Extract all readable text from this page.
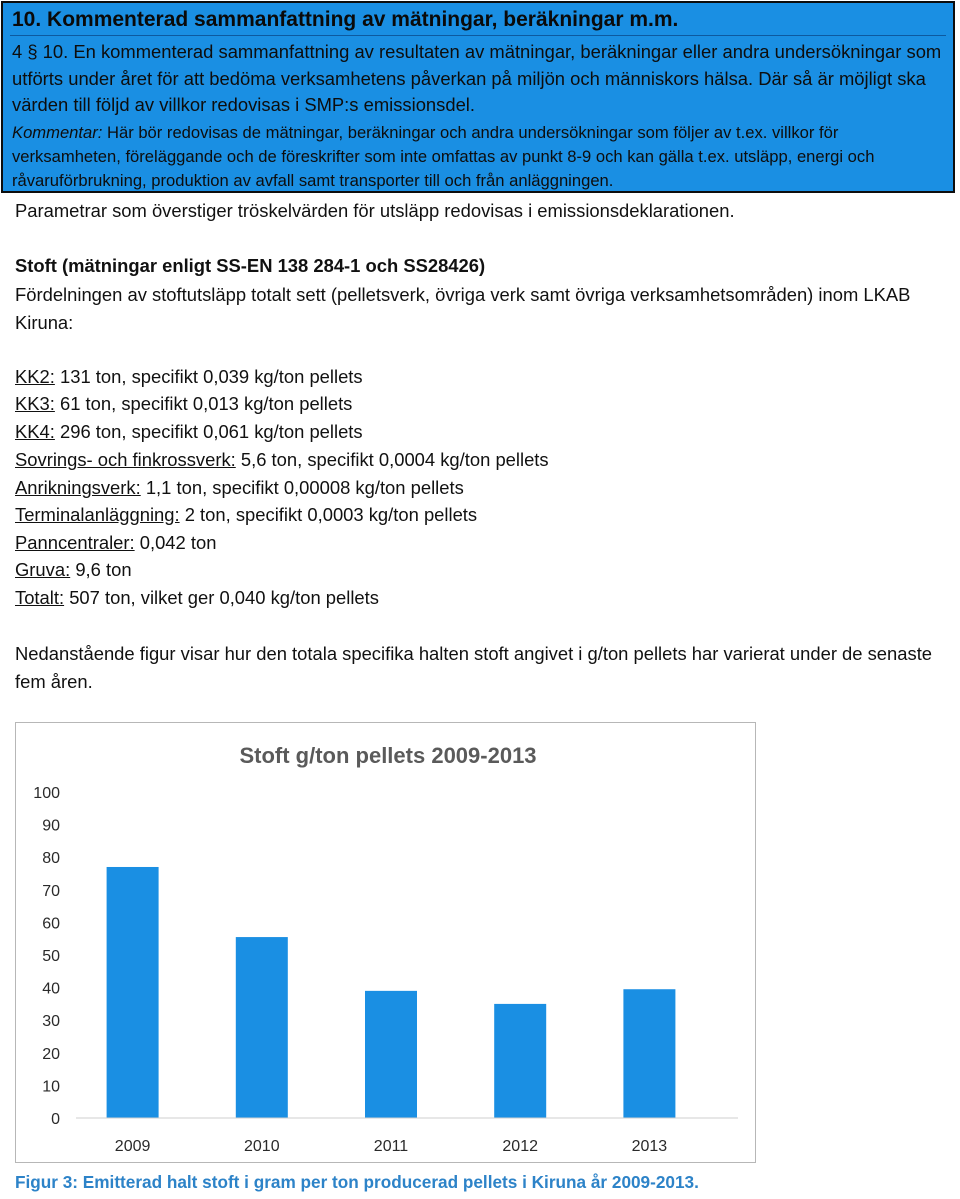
10. Kommenterad sammanfattning av mätningar, beräkningar m.m.
4 § 10. En kommenterad sammanfattning av resultaten av mätningar, beräkningar eller andra undersökningar som utförts under året för att bedöma verksamhetens påverkan på miljön och människors hälsa. Där så är möjligt ska värden till följd av villkor redovisas i SMP:s emissionsdel.
Kommentar: Här bör redovisas de mätningar, beräkningar och andra undersökningar som följer av t.ex. villkor för verksamheten, föreläggande och de föreskrifter som inte omfattas av punkt 8-9 och kan gälla t.ex. utsläpp, energi och råvaruförbrukning, produktion av avfall samt transporter till och från anläggningen.
Parametrar som överstiger tröskelvärden för utsläpp redovisas i emissionsdeklarationen.
Stoft (mätningar enligt SS-EN 138 284-1 och SS28426)
Fördelningen av stoftutsläpp totalt sett (pelletsverk, övriga verk samt övriga verksamhetsområden) inom LKAB Kiruna:
KK2: 131 ton, specifikt 0,039 kg/ton pellets
KK3: 61 ton, specifikt 0,013 kg/ton pellets
KK4: 296 ton, specifikt 0,061 kg/ton pellets
Sovrings- och finkrossverk: 5,6 ton, specifikt 0,0004 kg/ton pellets
Anrikningsverk: 1,1 ton, specifikt 0,00008 kg/ton pellets
Terminalanläggning: 2 ton, specifikt 0,0003 kg/ton pellets
Panncentraler: 0,042 ton
Gruva: 9,6 ton
Totalt: 507 ton, vilket ger 0,040 kg/ton pellets
Nedanstående figur visar hur den totala specifika halten stoft angivet i g/ton pellets har varierat under de senaste fem åren.
Stoft g/ton pellets 2009-2013
0
10
20
30
40
50
60
70
80
90
100
2009	2010	2011	2012	2013
Figur 3: Emitterad halt stoft i gram per ton producerad pellets i Kiruna år 2009-2013.
